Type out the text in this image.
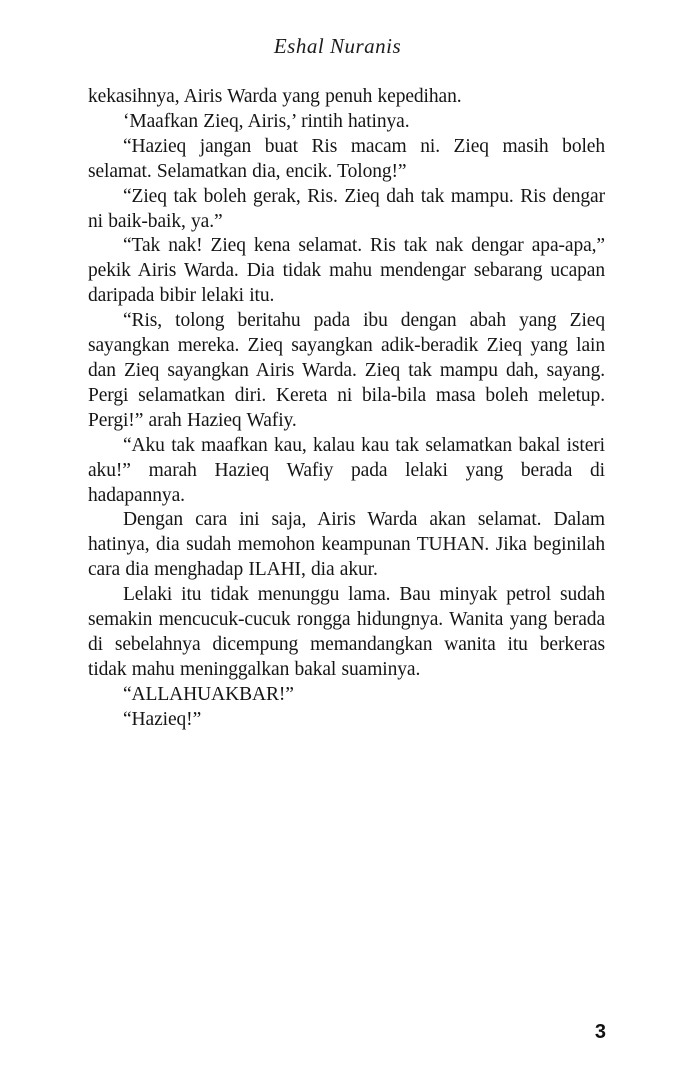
Eshal Nuranis

kekasihnya, Airis Warda yang penuh kepedihan.

‘Maafkan Zieq, Airis,’ rintih hatinya.

“Hazieq jangan buat Ris macam ni. Zieq masih boleh selamat. Selamatkan dia, encik. Tolong!”

“Zieq tak boleh gerak, Ris. Zieq dah tak mampu. Ris dengar ni baik-baik, ya.”

“Tak nak! Zieq kena selamat. Ris tak nak dengar apa-apa,” pekik Airis Warda. Dia tidak mahu mendengar sebarang ucapan daripada bibir lelaki itu.

“Ris, tolong beritahu pada ibu dengan abah yang Zieq sayangkan mereka. Zieq sayangkan adik-beradik Zieq yang lain dan Zieq sayangkan Airis Warda. Zieq tak mampu dah, sayang. Pergi selamatkan diri. Kereta ni bila-bila masa boleh meletup. Pergi!” arah Hazieq Wafiy.

“Aku tak maafkan kau, kalau kau tak selamatkan bakal isteri aku!” marah Hazieq Wafiy pada lelaki yang berada di hadapannya.

Dengan cara ini saja, Airis Warda akan selamat. Dalam hatinya, dia sudah memohon keampunan TUHAN. Jika beginilah cara dia menghadap ILAHI, dia akur.

Lelaki itu tidak menunggu lama. Bau minyak petrol sudah semakin mencucuk-cucuk rongga hidungnya. Wanita yang berada di sebelahnya dicempung memandangkan wanita itu berkeras tidak mahu meninggalkan bakal suaminya.

“ALLAHUAKBAR!”

“Hazieq!”

3
